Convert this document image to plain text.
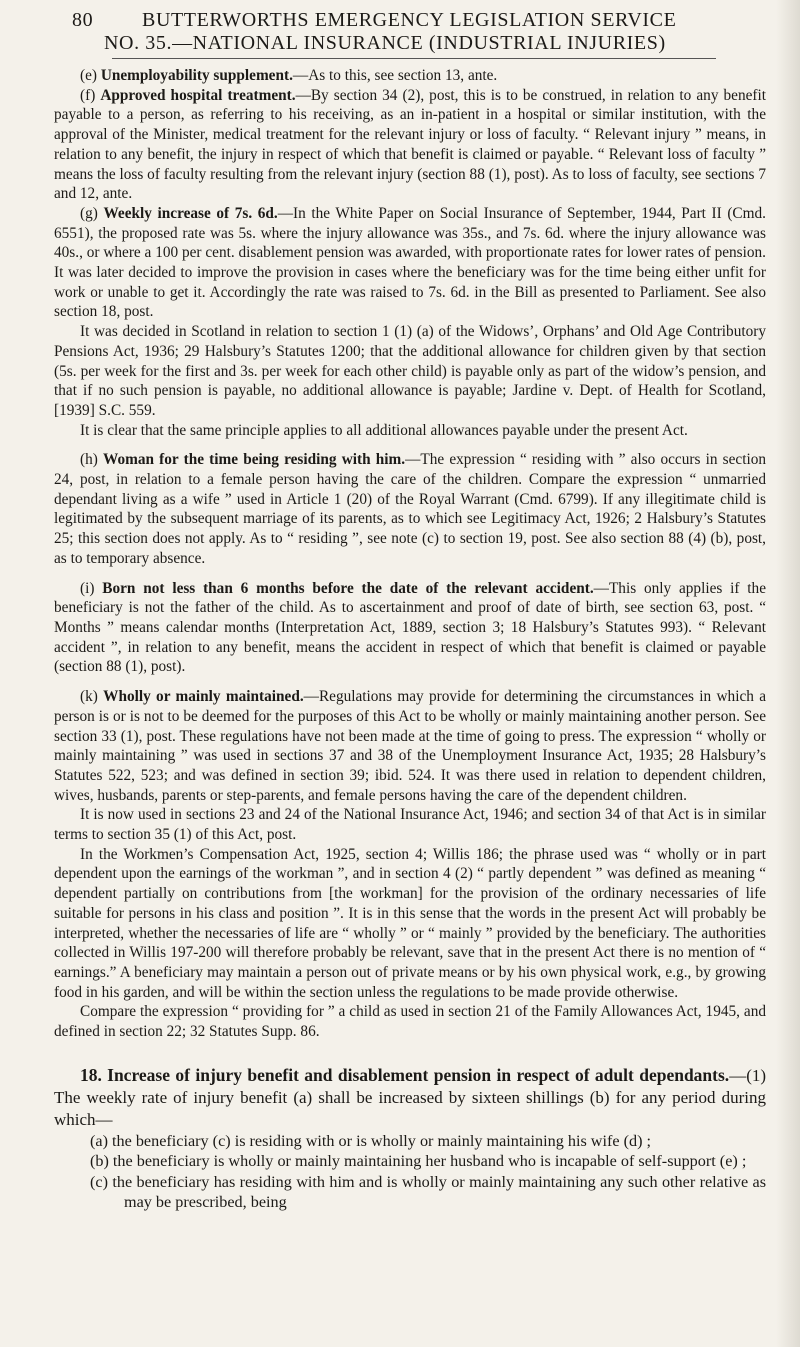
80 BUTTERWORTHS EMERGENCY LEGISLATION SERVICE
NO. 35.—NATIONAL INSURANCE (INDUSTRIAL INJURIES)

(e) Unemployability supplement.—As to this, see section 13, ante.

(f) Approved hospital treatment.—By section 34 (2), post, this is to be construed, in relation to any benefit payable to a person, as referring to his receiving, as an in-patient in a hospital or similar institution, with the approval of the Minister, medical treatment for the relevant injury or loss of faculty. “ Relevant injury ” means, in relation to any benefit, the injury in respect of which that benefit is claimed or payable. “ Relevant loss of faculty ” means the loss of faculty resulting from the relevant injury (section 88 (1), post). As to loss of faculty, see sections 7 and 12, ante.

(g) Weekly increase of 7s. 6d.—In the White Paper on Social Insurance of September, 1944, Part II (Cmd. 6551), the proposed rate was 5s. where the injury allowance was 35s., and 7s. 6d. where the injury allowance was 40s., or where a 100 per cent. disablement pension was awarded, with proportionate rates for lower rates of pension. It was later decided to improve the provision in cases where the beneficiary was for the time being either unfit for work or unable to get it. Accordingly the rate was raised to 7s. 6d. in the Bill as presented to Parliament. See also section 18, post.

It was decided in Scotland in relation to section 1 (1) (a) of the Widows’, Orphans’ and Old Age Contributory Pensions Act, 1936; 29 Halsbury’s Statutes 1200; that the additional allowance for children given by that section (5s. per week for the first and 3s. per week for each other child) is payable only as part of the widow’s pension, and that if no such pension is payable, no additional allowance is payable; Jardine v. Dept. of Health for Scotland, [1939] S.C. 559.

It is clear that the same principle applies to all additional allowances payable under the present Act.

(h) Woman for the time being residing with him.—The expression “ residing with ” also occurs in section 24, post, in relation to a female person having the care of the children. Compare the expression “ unmarried dependant living as a wife ” used in Article 1 (20) of the Royal Warrant (Cmd. 6799). If any illegitimate child is legitimated by the subsequent marriage of its parents, as to which see Legitimacy Act, 1926; 2 Halsbury’s Statutes 25; this section does not apply. As to “ residing ”, see note (c) to section 19, post. See also section 88 (4) (b), post, as to temporary absence.

(i) Born not less than 6 months before the date of the relevant accident.—This only applies if the beneficiary is not the father of the child. As to ascertainment and proof of date of birth, see section 63, post. “ Months ” means calendar months (Interpretation Act, 1889, section 3; 18 Halsbury’s Statutes 993). “ Relevant accident ”, in relation to any benefit, means the accident in respect of which that benefit is claimed or payable (section 88 (1), post).

(k) Wholly or mainly maintained.—Regulations may provide for determining the circumstances in which a person is or is not to be deemed for the purposes of this Act to be wholly or mainly maintaining another person. See section 33 (1), post. These regulations have not been made at the time of going to press. The expression “ wholly or mainly maintaining ” was used in sections 37 and 38 of the Unemployment Insurance Act, 1935; 28 Halsbury’s Statutes 522, 523; and was defined in section 39; ibid. 524. It was there used in relation to dependent children, wives, husbands, parents or step-parents, and female persons having the care of the dependent children.

It is now used in sections 23 and 24 of the National Insurance Act, 1946; and section 34 of that Act is in similar terms to section 35 (1) of this Act, post.

In the Workmen’s Compensation Act, 1925, section 4; Willis 186; the phrase used was “ wholly or in part dependent upon the earnings of the workman ”, and in section 4 (2) “ partly dependent ” was defined as meaning “ dependent partially on contributions from [the workman] for the provision of the ordinary necessaries of life suitable for persons in his class and position ”. It is in this sense that the words in the present Act will probably be interpreted, whether the necessaries of life are “ wholly ” or “ mainly ” provided by the beneficiary. The authorities collected in Willis 197-200 will therefore probably be relevant, save that in the present Act there is no mention of “ earnings.” A beneficiary may maintain a person out of private means or by his own physical work, e.g., by growing food in his garden, and will be within the section unless the regulations to be made provide otherwise.

Compare the expression “ providing for ” a child as used in section 21 of the Family Allowances Act, 1945, and defined in section 22; 32 Statutes Supp. 86.

18. Increase of injury benefit and disablement pension in respect of adult dependants.—(1) The weekly rate of injury benefit (a) shall be increased by sixteen shillings (b) for any period during which—

(a) the beneficiary (c) is residing with or is wholly or mainly maintaining his wife (d) ;

(b) the beneficiary is wholly or mainly maintaining her husband who is incapable of self-support (e) ;

(c) the beneficiary has residing with him and is wholly or mainly maintaining any such other relative as may be prescribed, being
